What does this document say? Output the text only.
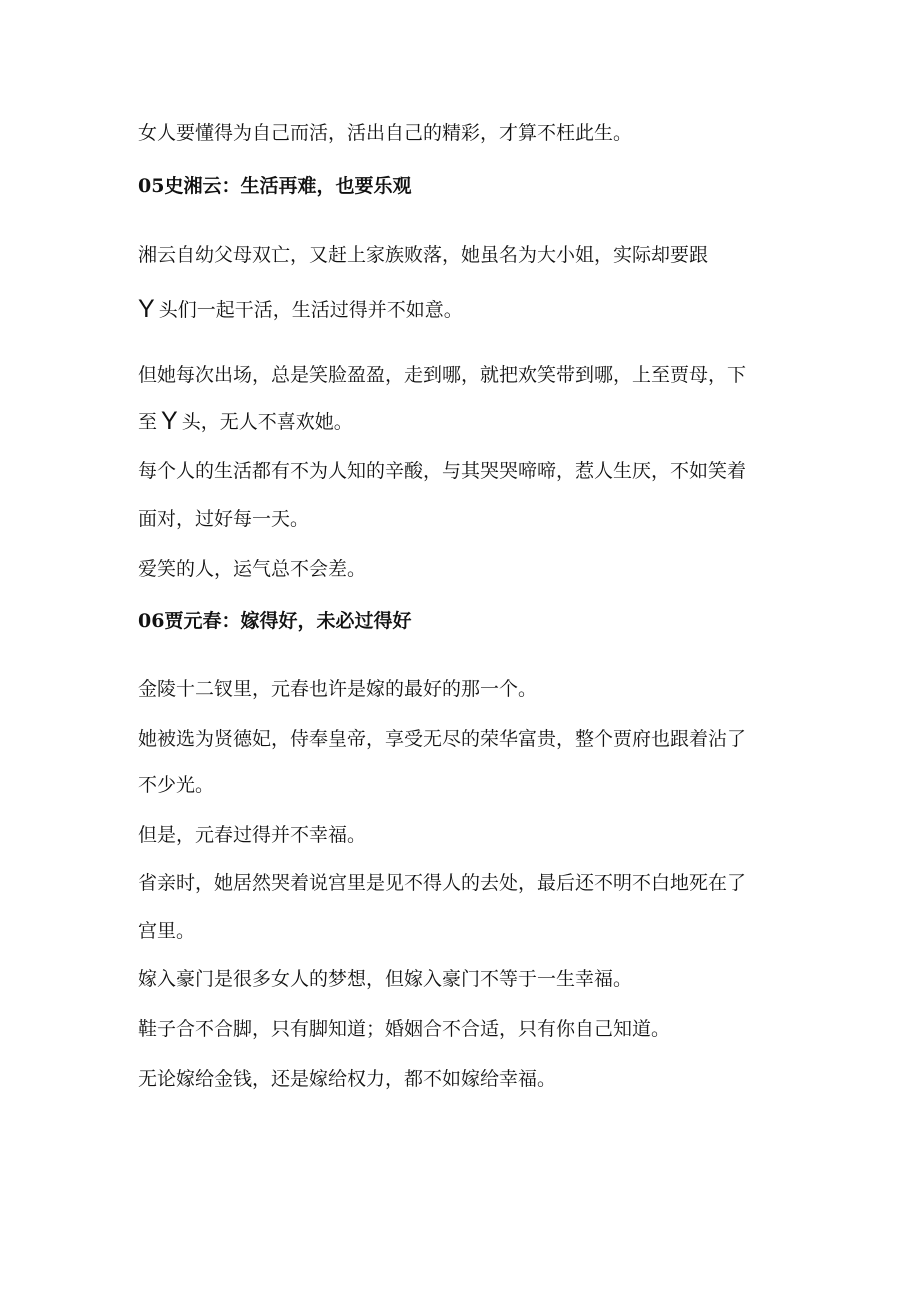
女人要懂得为自己而活，活出自己的精彩，才算不枉此生。
05史湘云：生活再难，也要乐观
湘云自幼父母双亡，又赶上家族败落，她虽名为大小姐，实际却要跟
Y 头们一起干活，生活过得并不如意。
但她每次出场，总是笑脸盈盈，走到哪，就把欢笑带到哪，上至贾母，下
至 Y 头，无人不喜欢她。
每个人的生活都有不为人知的辛酸，与其哭哭啼啼，惹人生厌，不如笑着
面对，过好每一天。
爱笑的人，运气总不会差。
06贾元春：嫁得好，未必过得好
金陵十二钗里，元春也许是嫁的最好的那一个。
她被选为贤德妃，侍奉皇帝，享受无尽的荣华富贵，整个贾府也跟着沾了
不少光。
但是，元春过得并不幸福。
省亲时，她居然哭着说宫里是见不得人的去处，最后还不明不白地死在了
宫里。
嫁入豪门是很多女人的梦想，但嫁入豪门不等于一生幸福。
鞋子合不合脚，只有脚知道；婚姻合不合适，只有你自己知道。
无论嫁给金钱，还是嫁给权力，都不如嫁给幸福。
